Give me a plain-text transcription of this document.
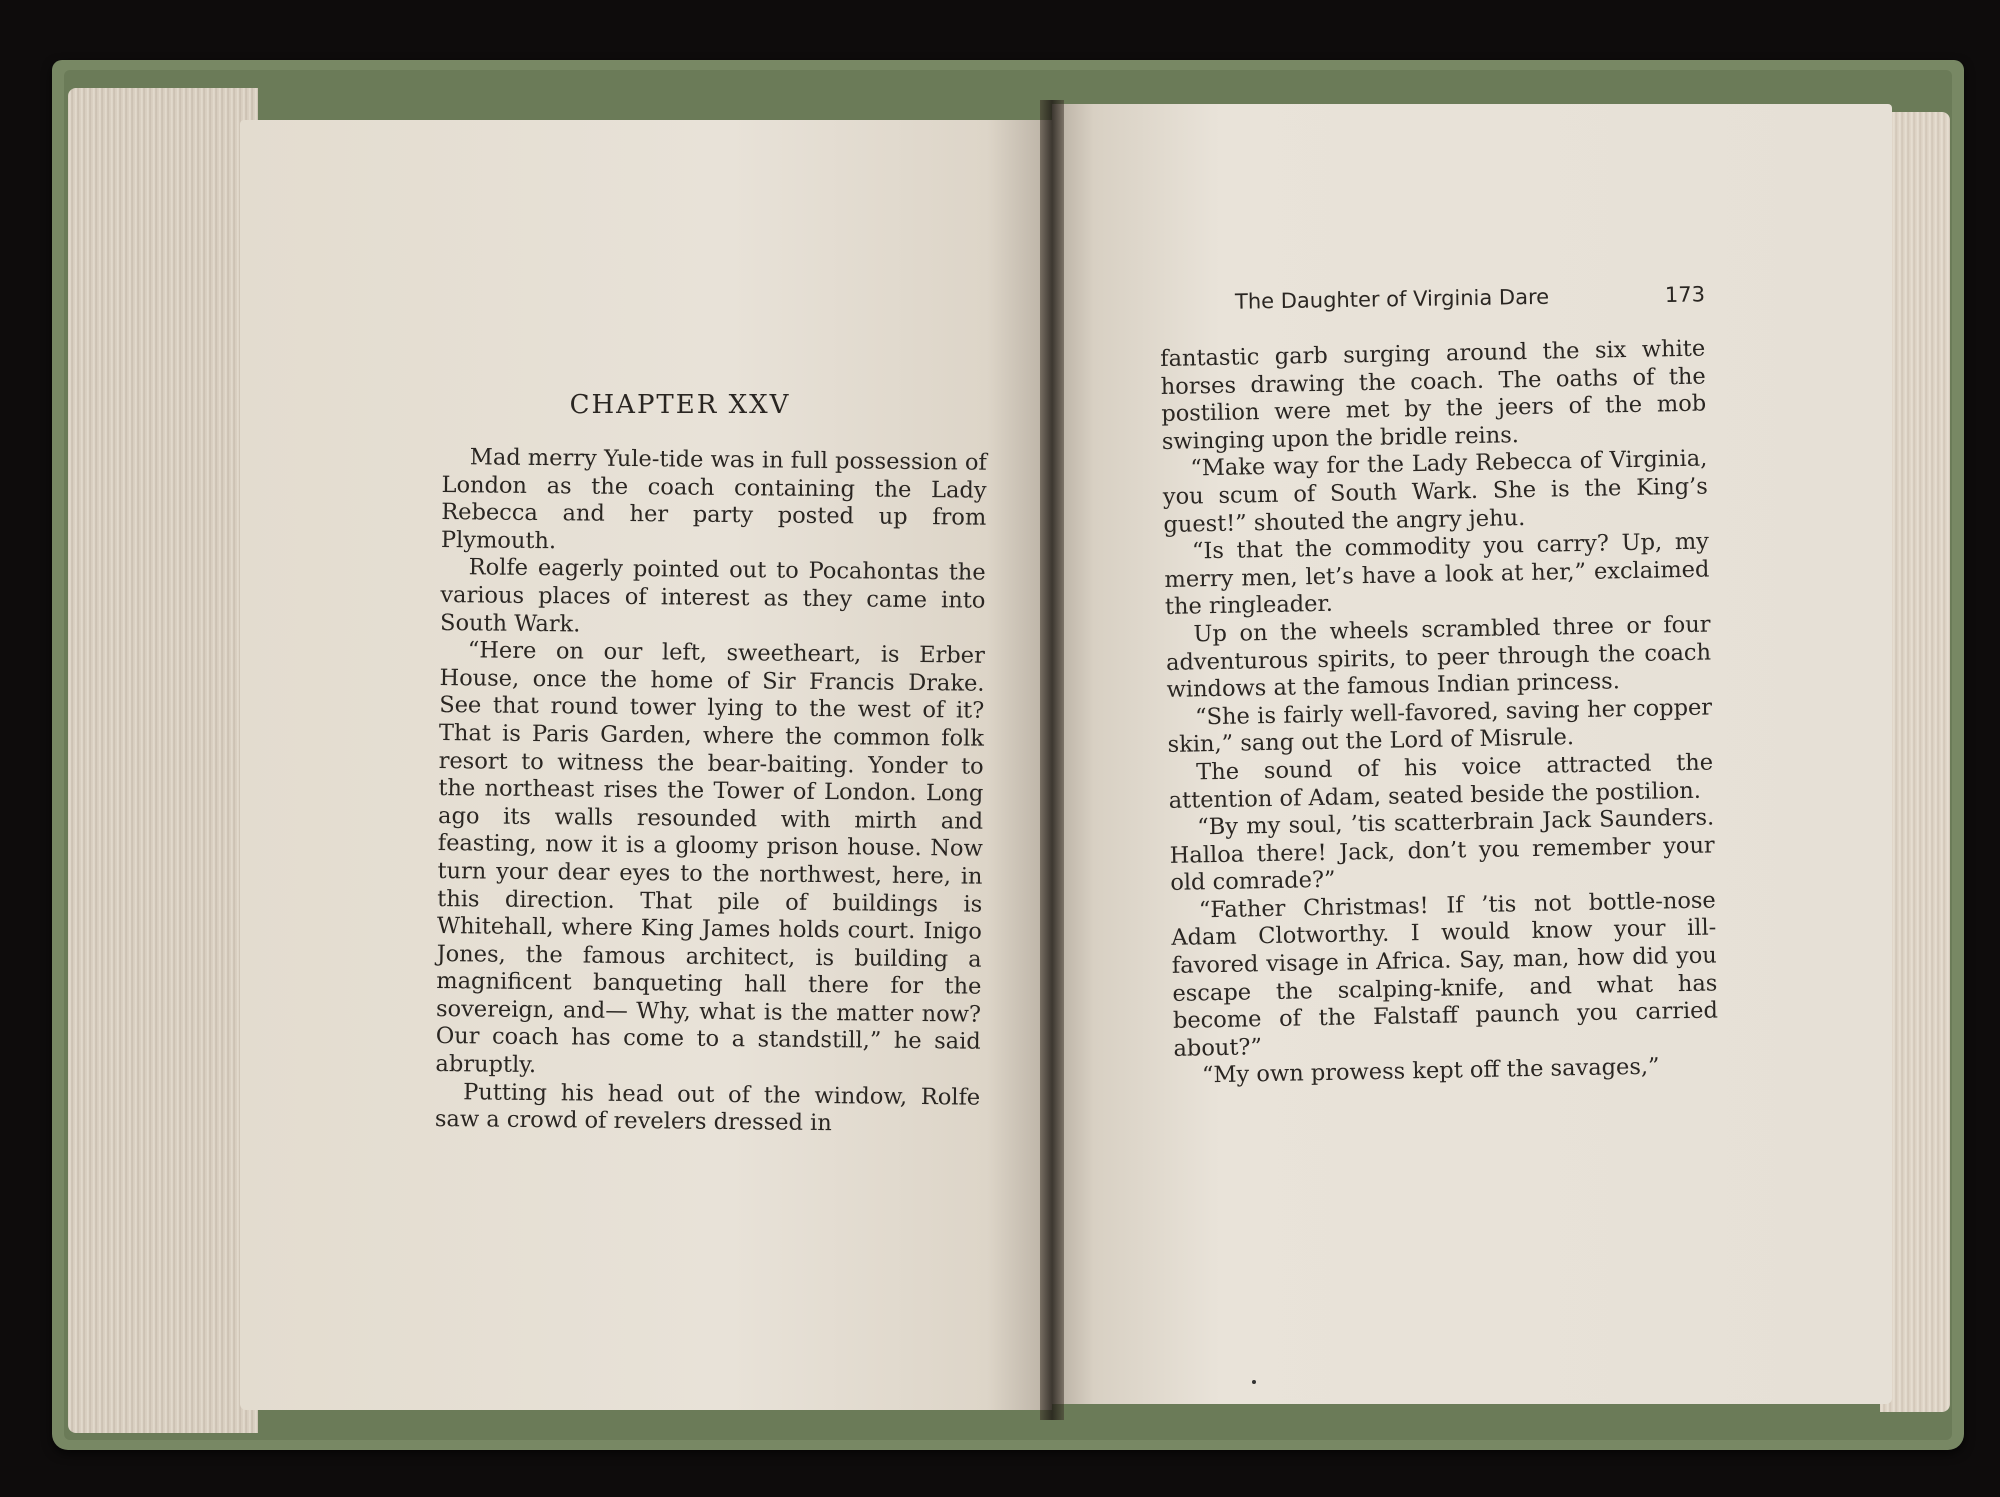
CHAPTER XXV

Mad merry Yule-tide was in full possession of London as the coach containing the Lady Rebecca and her party posted up from Plymouth.

Rolfe eagerly pointed out to Pocahontas the various places of interest as they came into South Wark.

“Here on our left, sweetheart, is Erber House, once the home of Sir Francis Drake. See that round tower lying to the west of it? That is Paris Garden, where the common folk resort to witness the bear-baiting. Yonder to the northeast rises the Tower of London. Long ago its walls resounded with mirth and feasting, now it is a gloomy prison house. Now turn your dear eyes to the northwest, here, in this direction. That pile of buildings is Whitehall, where King James holds court. Inigo Jones, the famous architect, is building a magnificent banqueting hall there for the sovereign, and— Why, what is the matter now? Our coach has come to a standstill,” he said abruptly.

Putting his head out of the window, Rolfe saw a crowd of revelers dressed in

The Daughter of Virginia Dare	173

fantastic garb surging around the six white horses drawing the coach. The oaths of the postilion were met by the jeers of the mob swinging upon the bridle reins.

“Make way for the Lady Rebecca of Virginia, you scum of South Wark. She is the King’s guest!” shouted the angry jehu.

“Is that the commodity you carry? Up, my merry men, let’s have a look at her,” exclaimed the ringleader.

Up on the wheels scrambled three or four adventurous spirits, to peer through the coach windows at the famous Indian princess.

“She is fairly well-favored, saving her copper skin,” sang out the Lord of Misrule.

The sound of his voice attracted the attention of Adam, seated beside the postilion.

“By my soul, ’tis scatterbrain Jack Saunders. Halloa there! Jack, don’t you remember your old comrade?”

“Father Christmas! If ’tis not bottle-nose Adam Clotworthy. I would know your ill-favored visage in Africa. Say, man, how did you escape the scalping-knife, and what has become of the Falstaff paunch you carried about?”

“My own prowess kept off the savages,”
